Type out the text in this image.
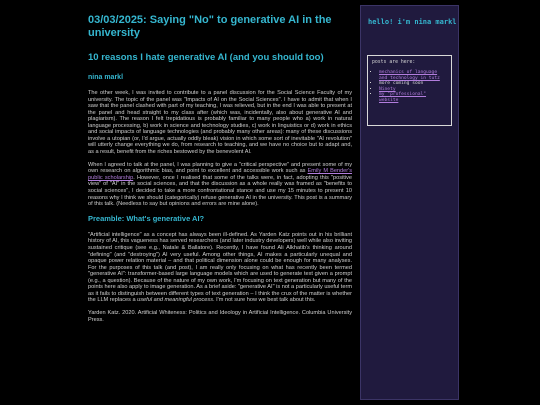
03/03/2025: Saying "No" to generative AI in the university
10 reasons I hate generative AI (and you should too)
nina markl

The other week, I was invited to contribute to a panel discussion for the Social Science Faculty of my university. The topic of the panel was "Impacts of AI on the Social Sciences". I have to admit that when I saw that the panel clashed with part of my teaching, I was relieved, but in the end I was able to present at the panel and head straight to my class after (which was, incidentally, also about generative AI and plagiarism). The reason I felt trepidatious is probably familiar to many people who a) work in natural language processing, b) work in science and technology studies, c) work in linguistics or d) work in ethics and social impacts of language technologies (and probably many other areas): many of these discussions involve a utopian (or, I'd argue, actually oddly bleak) vision in which some sort of inevitable "AI revolution" will utterly change everything we do, from research to teaching, and we have no choice but to adapt and, as a result, benefit from the riches bestowed by the benevolent AI.

When I agreed to talk at the panel, I was planning to give a "critical perspective" and present some of my own research on algorithmic bias, and point to excellent and accessible work such as Emily M Bender's public scholarship. However, once I realised that some of the talks were, in fact, adopting this "positive view" of "AI" in the social sciences, and that the discussion as a whole really was framed as "benefits to social sciences", I decided to take a more confrontational stance and use my 15 minutes to present 10 reasons why I think we should (categorically) refuse generative AI in the university. This post is a summary of this talk. (Needless to say but opinions and errors are mine alone).

Preamble: What's generative AI?

"Artificial intelligence" as a concept has always been ill-defined. As Yarden Katz points out in his brilliant history of AI, this vagueness has served researchers (and later industry developers) well while also inviting sustained critique (see e.g., Natale & Ballatore). Recently, I have found Ali Alkhatib's thinking around "defining" (and "destroying") AI very useful. Among other things, AI makes a particularly unequal and opaque power relation material – and that political dimension alone could be enough for many analyses. For the purposes of this talk (and post), I am really only focusing on what has recently been termed "generative AI": transformer-based large language models which are used to generate text given a prompt (e.g., a question). Because of the nature of my own work, I'm focusing on text generation but many of the points here also apply to image generation. As a brief aside: "generative AI" is not a particularly useful term as it fails to distinguish between different types of text generation – I think the crux of the matter is whether the LLM replaces a useful and meaningful process. I'm not sure how we best talk about this.

Yarden Katz. 2020. Artificial Whiteness: Politics and Ideology in Artificial Intelligence. Columbia University Press.

hello! i'm nina markl
posts are here:
▪ mechanics of language and technology in tutz
▪ more coming soon
▪ Ninety
▪ my "professional" website
